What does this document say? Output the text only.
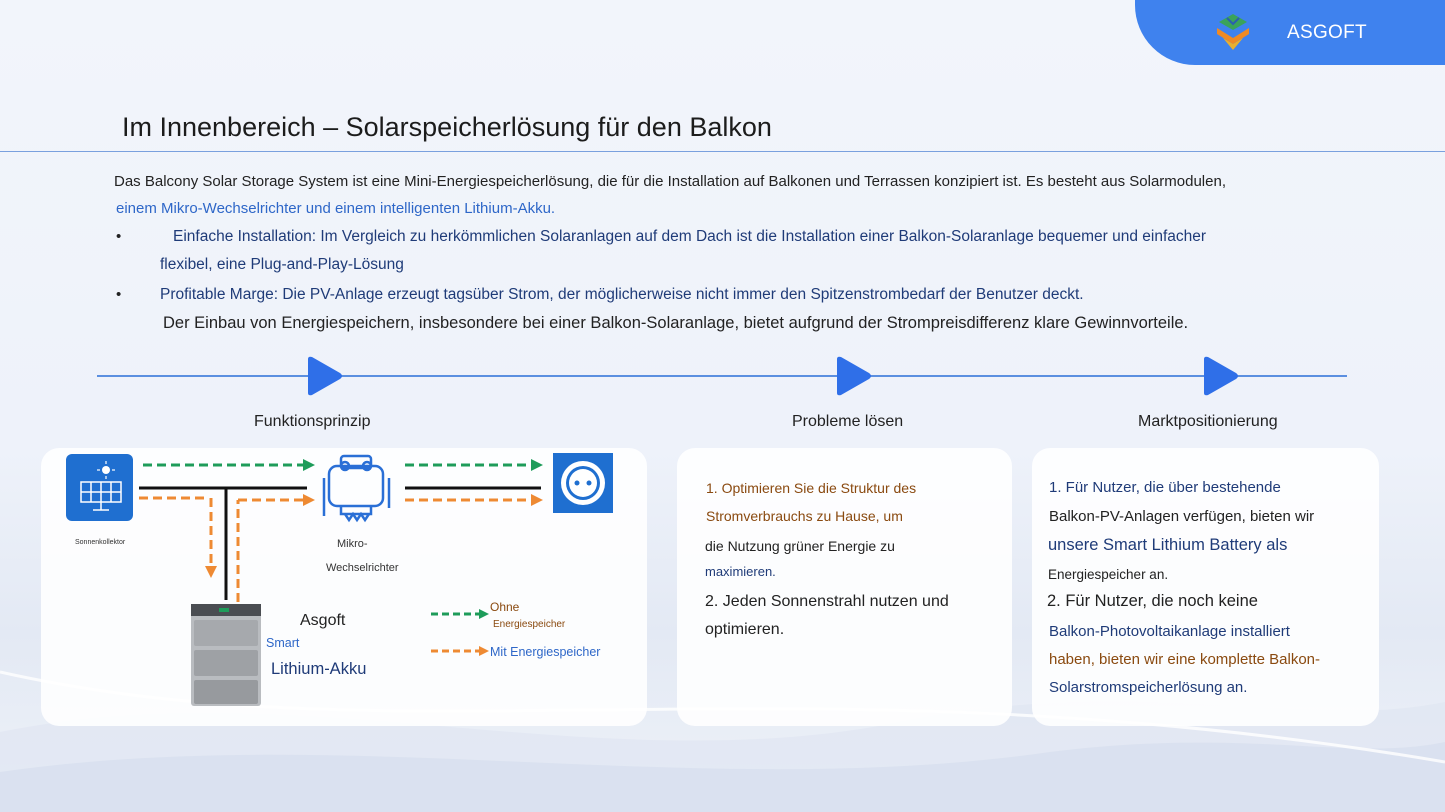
ASGOFT
Im Innenbereich – Solarspeicherlösung für den Balkon
Das Balcony Solar Storage System ist eine Mini-Energiespeicherlösung, die für die Installation auf Balkonen und Terrassen konzipiert ist. Es besteht aus Solarmodulen,
einem Mikro-Wechselrichter und einem intelligenten Lithium-Akku.
•	Einfache Installation: Im Vergleich zu herkömmlichen Solaranlagen auf dem Dach ist die Installation einer Balkon-Solaranlage bequemer und einfacher
flexibel, eine Plug-and-Play-Lösung
• Profitable Marge: Die PV-Anlage erzeugt tagsüber Strom, der möglicherweise nicht immer den Spitzenstrombedarf der Benutzer deckt.
Der Einbau von Energiespeichern, insbesondere bei einer Balkon-Solaranlage, bietet aufgrund der Strompreisdifferenz klare Gewinnvorteile.
Funktionsprinzip	Probleme lösen	Marktpositionierung
Sonnenkollektor	Mikro-
Wechselrichter
Asgoft
Smart
Lithium-Akku
Ohne
Energiespeicher
Mit Energiespeicher
1. Optimieren Sie die Struktur des
Stromverbrauchs zu Hause, um
die Nutzung grüner Energie zu
maximieren.
2. Jeden Sonnenstrahl nutzen und
optimieren.
1. Für Nutzer, die über bestehende
Balkon-PV-Anlagen verfügen, bieten wir
unsere Smart Lithium Battery als
Energiespeicher an.
2. Für Nutzer, die noch keine
Balkon-Photovoltaikanlage installiert
haben, bieten wir eine komplette Balkon-
Solarstromspeicherlösung an.
